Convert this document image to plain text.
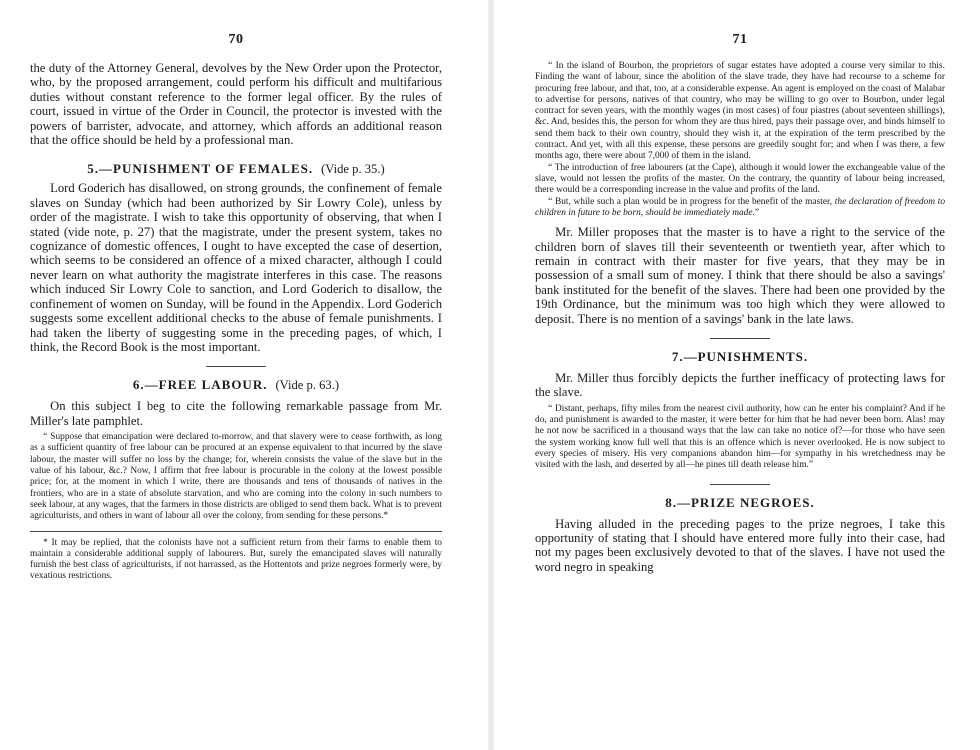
70

the duty of the Attorney General, devolves by the New Order upon the Protector, who, by the proposed arrangement, could perform his difficult and multifarious duties without constant reference to the former legal officer. By the rules of court, issued in virtue of the Order in Council, the protector is invested with the powers of barrister, advocate, and attorney, which affords an additional reason that the office should be held by a professional man.

5.—PUNISHMENT OF FEMALES. (Vide p. 35.)

Lord Goderich has disallowed, on strong grounds, the confinement of female slaves on Sunday (which had been authorized by Sir Lowry Cole), unless by order of the magistrate. I wish to take this opportunity of observing, that when I stated (vide note, p. 27) that the magistrate, under the present system, takes no cognizance of domestic offences, I ought to have excepted the case of desertion, which seems to be considered an offence of a mixed character, although I could never learn on what authority the magistrate interferes in this case. The reasons which induced Sir Lowry Cole to sanction, and Lord Goderich to disallow, the confinement of women on Sunday, will be found in the Appendix. Lord Goderich suggests some excellent additional checks to the abuse of female punishments. I had taken the liberty of suggesting some in the preceding pages, of which, I think, the Record Book is the most important.

6.—FREE LABOUR. (Vide p. 63.)

On this subject I beg to cite the following remarkable passage from Mr. Miller's late pamphlet.

“ Suppose that emancipation were declared to-morrow, and that slavery were to cease forthwith, as long as a sufficient quantity of free labour can be procured at an expense equivalent to that incurred by the slave labour, the master will suffer no loss by the change; for, wherein consists the value of the slave but in the value of his labour, &c.? Now, I affirm that free labour is procurable in the colony at the lowest possible price; for, at the moment in which I write, there are thousands and tens of thousands of natives in the frontiers, who are in a state of absolute starvation, and who are coming into the colony in such numbers to seek labour, at any wages, that the farmers in those districts are obliged to send them back. What is to prevent agriculturists, and others in want of labour all over the colony, from sending for these persons.*

* It may be replied, that the colonists have not a sufficient return from their farms to enable them to maintain a considerable additional supply of labourers. But, surely the emancipated slaves will naturally furnish the best class of agriculturists, if not harrassed, as the Hottentots and prize negroes formerly were, by vexatious restrictions.

71

“ In the island of Bourbon, the proprietors of sugar estates have adopted a course very similar to this. Finding the want of labour, since the abolition of the slave trade, they have had recourse to a scheme for procuring free labour, and that, too, at a considerable expense. An agent is employed on the coast of Malabar to advertise for persons, natives of that country, who may be willing to go over to Bourbon, under legal contract for seven years, with the monthly wages (in most cases) of four piastres (about seventeen shillings), &c. And, besides this, the person for whom they are thus hired, pays their passage over, and binds himself to send them back to their own country, should they wish it, at the expiration of the term prescribed by the contract. And yet, with all this expense, these persons are greedily sought for; and when I was there, a few months ago, there were about 7,000 of them in the island.

“ The introduction of free labourers (at the Cape), although it would lower the exchangeable value of the slave, would not lessen the profits of the master. On the contrary, the quantity of labour being increased, there would be a corresponding increase in the value and profits of the land.

“ But, while such a plan would be in progress for the benefit of the master, the declaration of freedom to children in future to be born, should be immediately made.”

Mr. Miller proposes that the master is to have a right to the service of the children born of slaves till their seventeenth or twentieth year, after which to remain in contract with their master for five years, that they may be in possession of a small sum of money. I think that there should be also a savings' bank instituted for the benefit of the slaves. There had been one provided by the 19th Ordinance, but the minimum was too high which they were allowed to deposit. There is no mention of a savings' bank in the late laws.

7.—PUNISHMENTS.

Mr. Miller thus forcibly depicts the further inefficacy of protecting laws for the slave.

“ Distant, perhaps, fifty miles from the nearest civil authority, how can he enter his complaint? And if he do, and punishment is awarded to the master, it were better for him that he had never been born. Alas! may he not now be sacrificed in a thousand ways that the law can take no notice of?—for those who have seen the system working know full well that this is an offence which is never overlooked. He is now subject to every species of misery. His very companions abandon him—for sympathy in his wretchedness may be visited with the lash, and deserted by all—he pines till death release him.”

8.—PRIZE NEGROES.

Having alluded in the preceding pages to the prize negroes, I take this opportunity of stating that I should have entered more fully into their case, had not my pages been exclusively devoted to that of the slaves. I have not used the word negro in speaking
